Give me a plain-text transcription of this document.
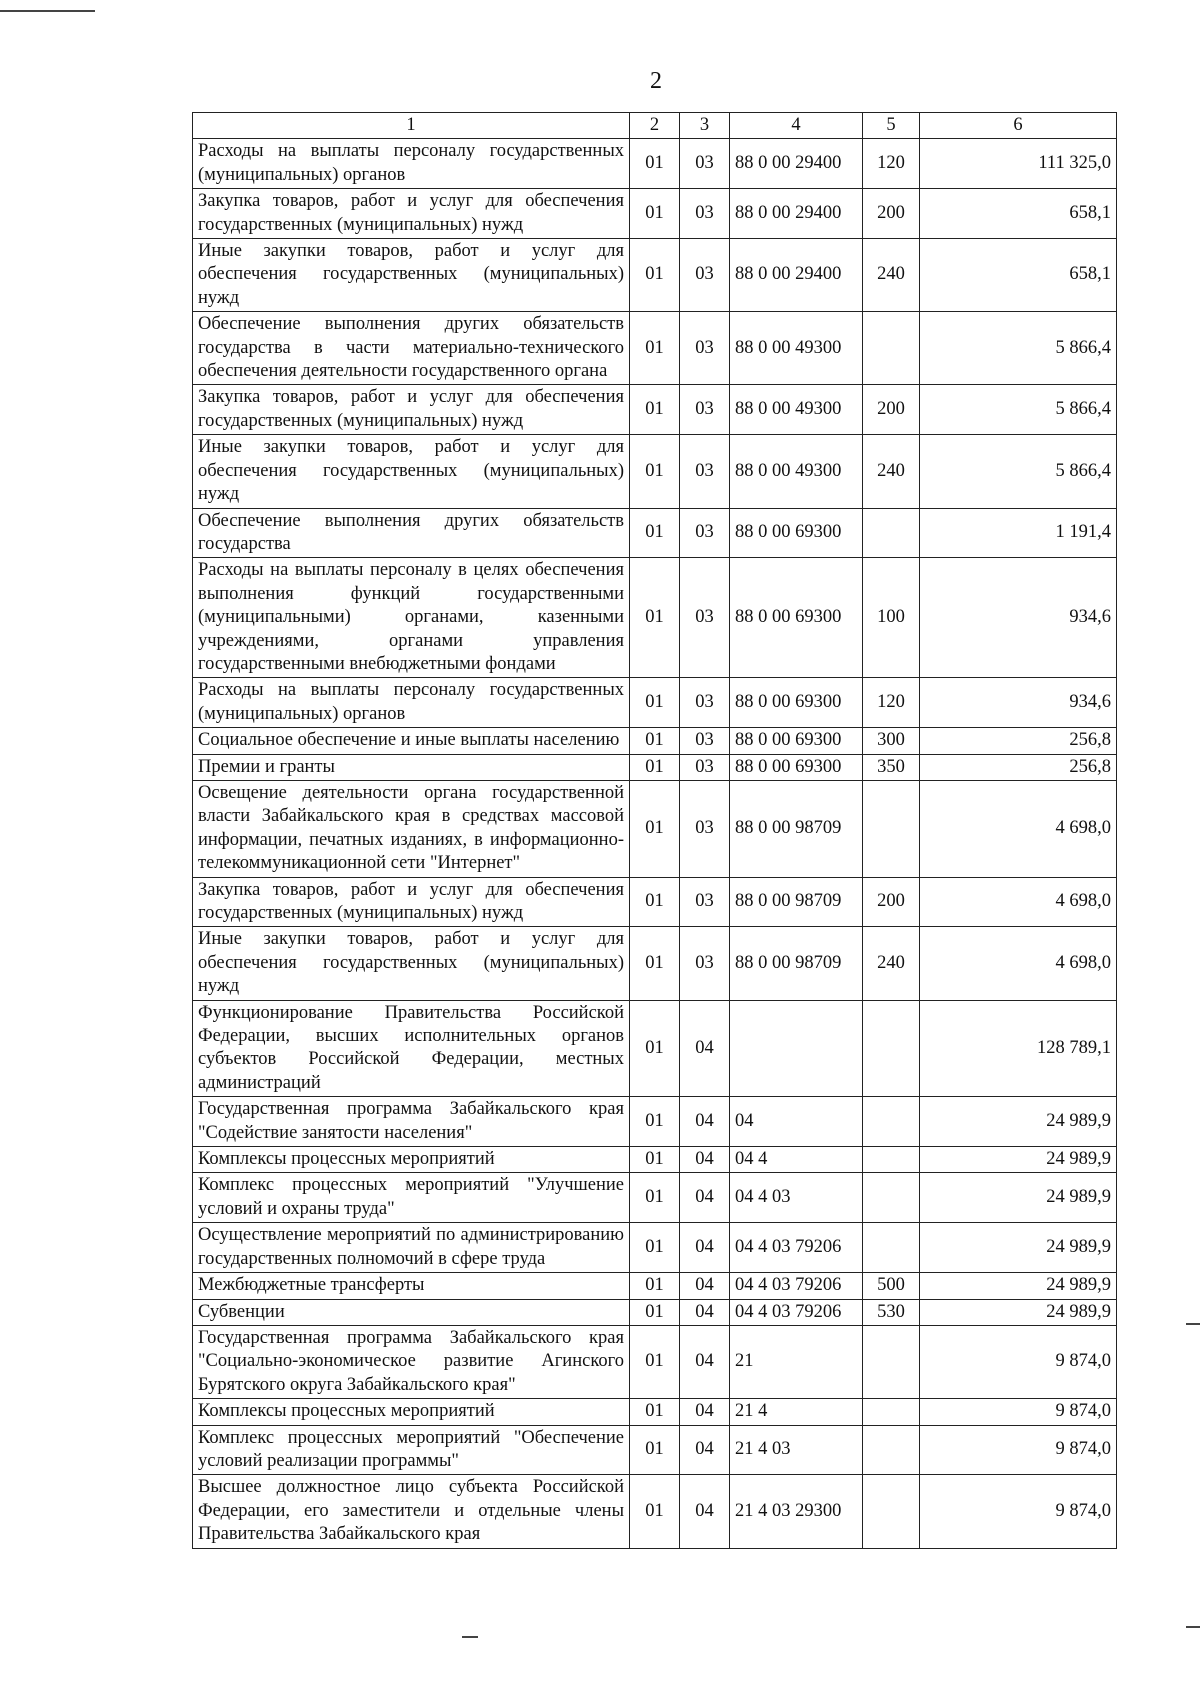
2
1	2	3	4	5	6
Расходы на выплаты персоналу государственных (муниципальных) органов	01	03	88 0 00 29400	120	111 325,0
Закупка товаров, работ и услуг для обеспечения государственных (муниципальных) нужд	01	03	88 0 00 29400	200	658,1
Иные закупки товаров, работ и услуг для обеспечения государственных (муниципальных) нужд	01	03	88 0 00 29400	240	658,1
Обеспечение выполнения других обязательств государства в части материально-технического обеспечения деятельности государственного органа	01	03	88 0 00 49300		5 866,4
Закупка товаров, работ и услуг для обеспечения государственных (муниципальных) нужд	01	03	88 0 00 49300	200	5 866,4
Иные закупки товаров, работ и услуг для обеспечения государственных (муниципальных) нужд	01	03	88 0 00 49300	240	5 866,4
Обеспечение выполнения других обязательств государства	01	03	88 0 00 69300		1 191,4
Расходы на выплаты персоналу в целях обеспечения выполнения функций государственными (муниципальными) органами, казенными учреждениями, органами управления государственными внебюджетными фондами	01	03	88 0 00 69300	100	934,6
Расходы на выплаты персоналу государственных (муниципальных) органов	01	03	88 0 00 69300	120	934,6
Социальное обеспечение и иные выплаты населению	01	03	88 0 00 69300	300	256,8
Премии и гранты	01	03	88 0 00 69300	350	256,8
Освещение деятельности органа государственной власти Забайкальского края в средствах массовой информации, печатных изданиях, в информационно-телекоммуникационной сети "Интернет"	01	03	88 0 00 98709		4 698,0
Закупка товаров, работ и услуг для обеспечения государственных (муниципальных) нужд	01	03	88 0 00 98709	200	4 698,0
Иные закупки товаров, работ и услуг для обеспечения государственных (муниципальных) нужд	01	03	88 0 00 98709	240	4 698,0
Функционирование Правительства Российской Федерации, высших исполнительных органов субъектов Российской Федерации, местных администраций	01	04			128 789,1
Государственная программа Забайкальского края "Содействие занятости населения"	01	04	04		24 989,9
Комплексы процессных мероприятий	01	04	04 4		24 989,9
Комплекс процессных мероприятий "Улучшение условий и охраны труда"	01	04	04 4 03		24 989,9
Осуществление мероприятий по администрированию государственных полномочий в сфере труда	01	04	04 4 03 79206		24 989,9
Межбюджетные трансферты	01	04	04 4 03 79206	500	24 989,9
Субвенции	01	04	04 4 03 79206	530	24 989,9
Государственная программа Забайкальского края "Социально-экономическое развитие Агинского Бурятского округа Забайкальского края"	01	04	21		9 874,0
Комплексы процессных мероприятий	01	04	21 4		9 874,0
Комплекс процессных мероприятий "Обеспечение условий реализации программы"	01	04	21 4 03		9 874,0
Высшее должностное лицо субъекта Российской Федерации, его заместители и отдельные члены Правительства Забайкальского края	01	04	21 4 03 29300		9 874,0
